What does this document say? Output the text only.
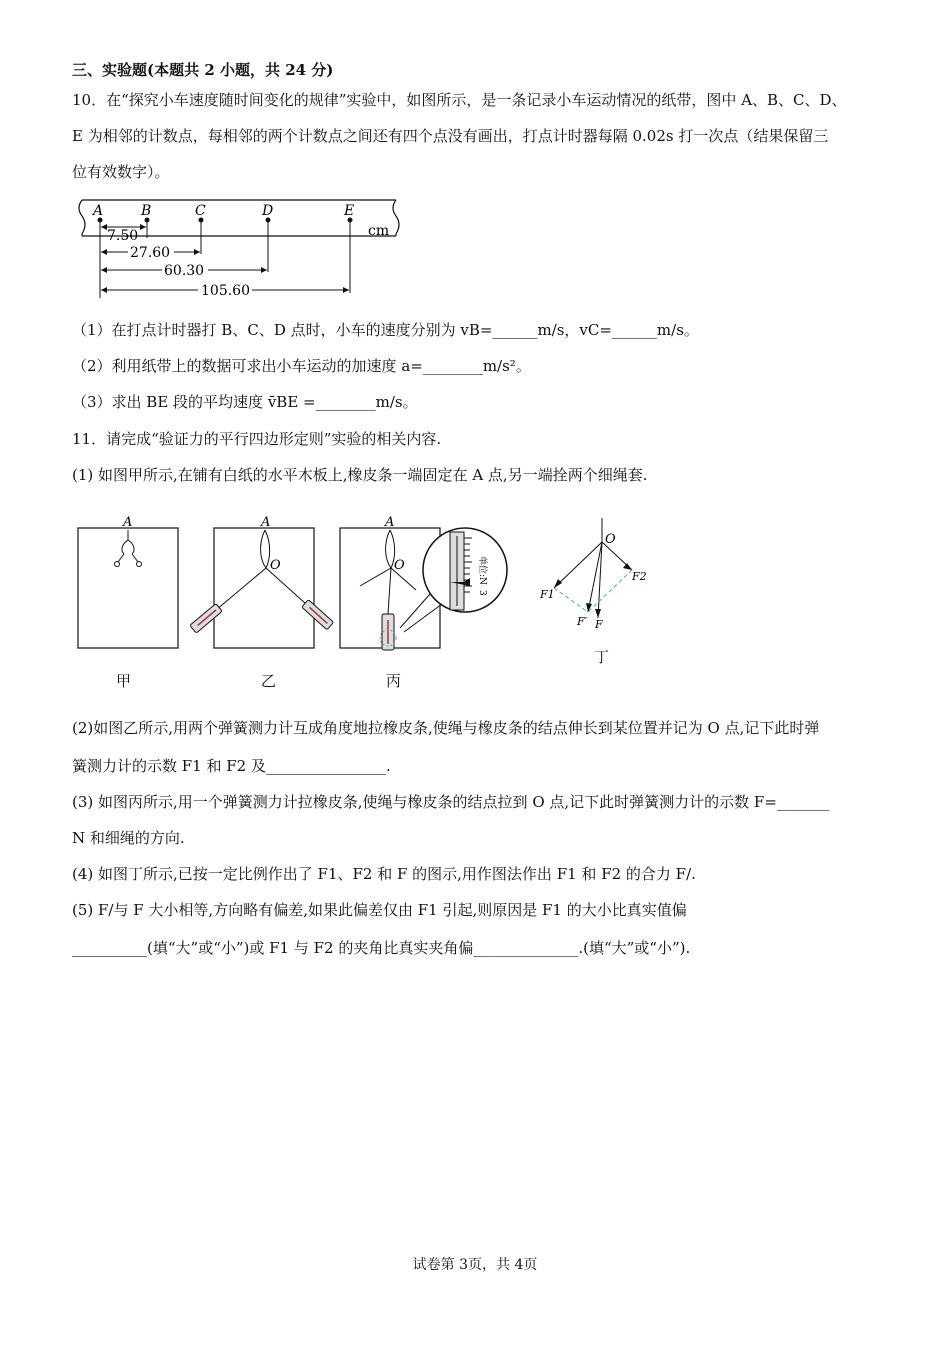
三、实验题(本题共 2 小题，共 24 分)
10．在“探究小车速度随时间变化的规律”实验中，如图所示，是一条记录小车运动情况的纸带，图中 A、B、C、D、
E 为相邻的计数点，每相邻的两个计数点之间还有四个点没有画出，打点计时器每隔 0.02s 打一次点（结果保留三
位有效数字）。
A	B	C	D	E
cm
7.50
27.60
60.30
105.60
（1）在打点计时器打 B、C、D 点时，小车的速度分别为 vB=______m/s，vC=______m/s。
（2）利用纸带上的数据可求出小车运动的加速度 a=________m/s²。
（3）求出 BE 段的平均速度 v̄BE =________m/s。
11．请完成“验证力的平行四边形定则”实验的相关内容.
(1) 如图甲所示,在铺有白纸的水平木板上,橡皮条一端固定在 A 点,另一端拴两个细绳套.
A	A
O
A
O	单位:N
3
O
F1
F2
F′ F
甲	乙	丙
丁
(2)如图乙所示,用两个弹簧测力计互成角度地拉橡皮条,使绳与橡皮条的结点伸长到某位置并记为 O 点,记下此时弹
簧测力计的示数 F1 和 F2 及________________.
(3) 如图丙所示,用一个弹簧测力计拉橡皮条,使绳与橡皮条的结点拉到 O 点,记下此时弹簧测力计的示数 F=_______
N 和细绳的方向.
(4) 如图丁所示,已按一定比例作出了 F1、F2 和 F 的图示,用作图法作出 F1 和 F2 的合力 F/.
(5) F/与 F 大小相等,方向略有偏差,如果此偏差仅由 F1 引起,则原因是 F1 的大小比真实值偏
__________(填“大”或“小”)或 F1 与 F2 的夹角比真实夹角偏______________.(填“大”或“小”).
试卷第 3页，共 4页
